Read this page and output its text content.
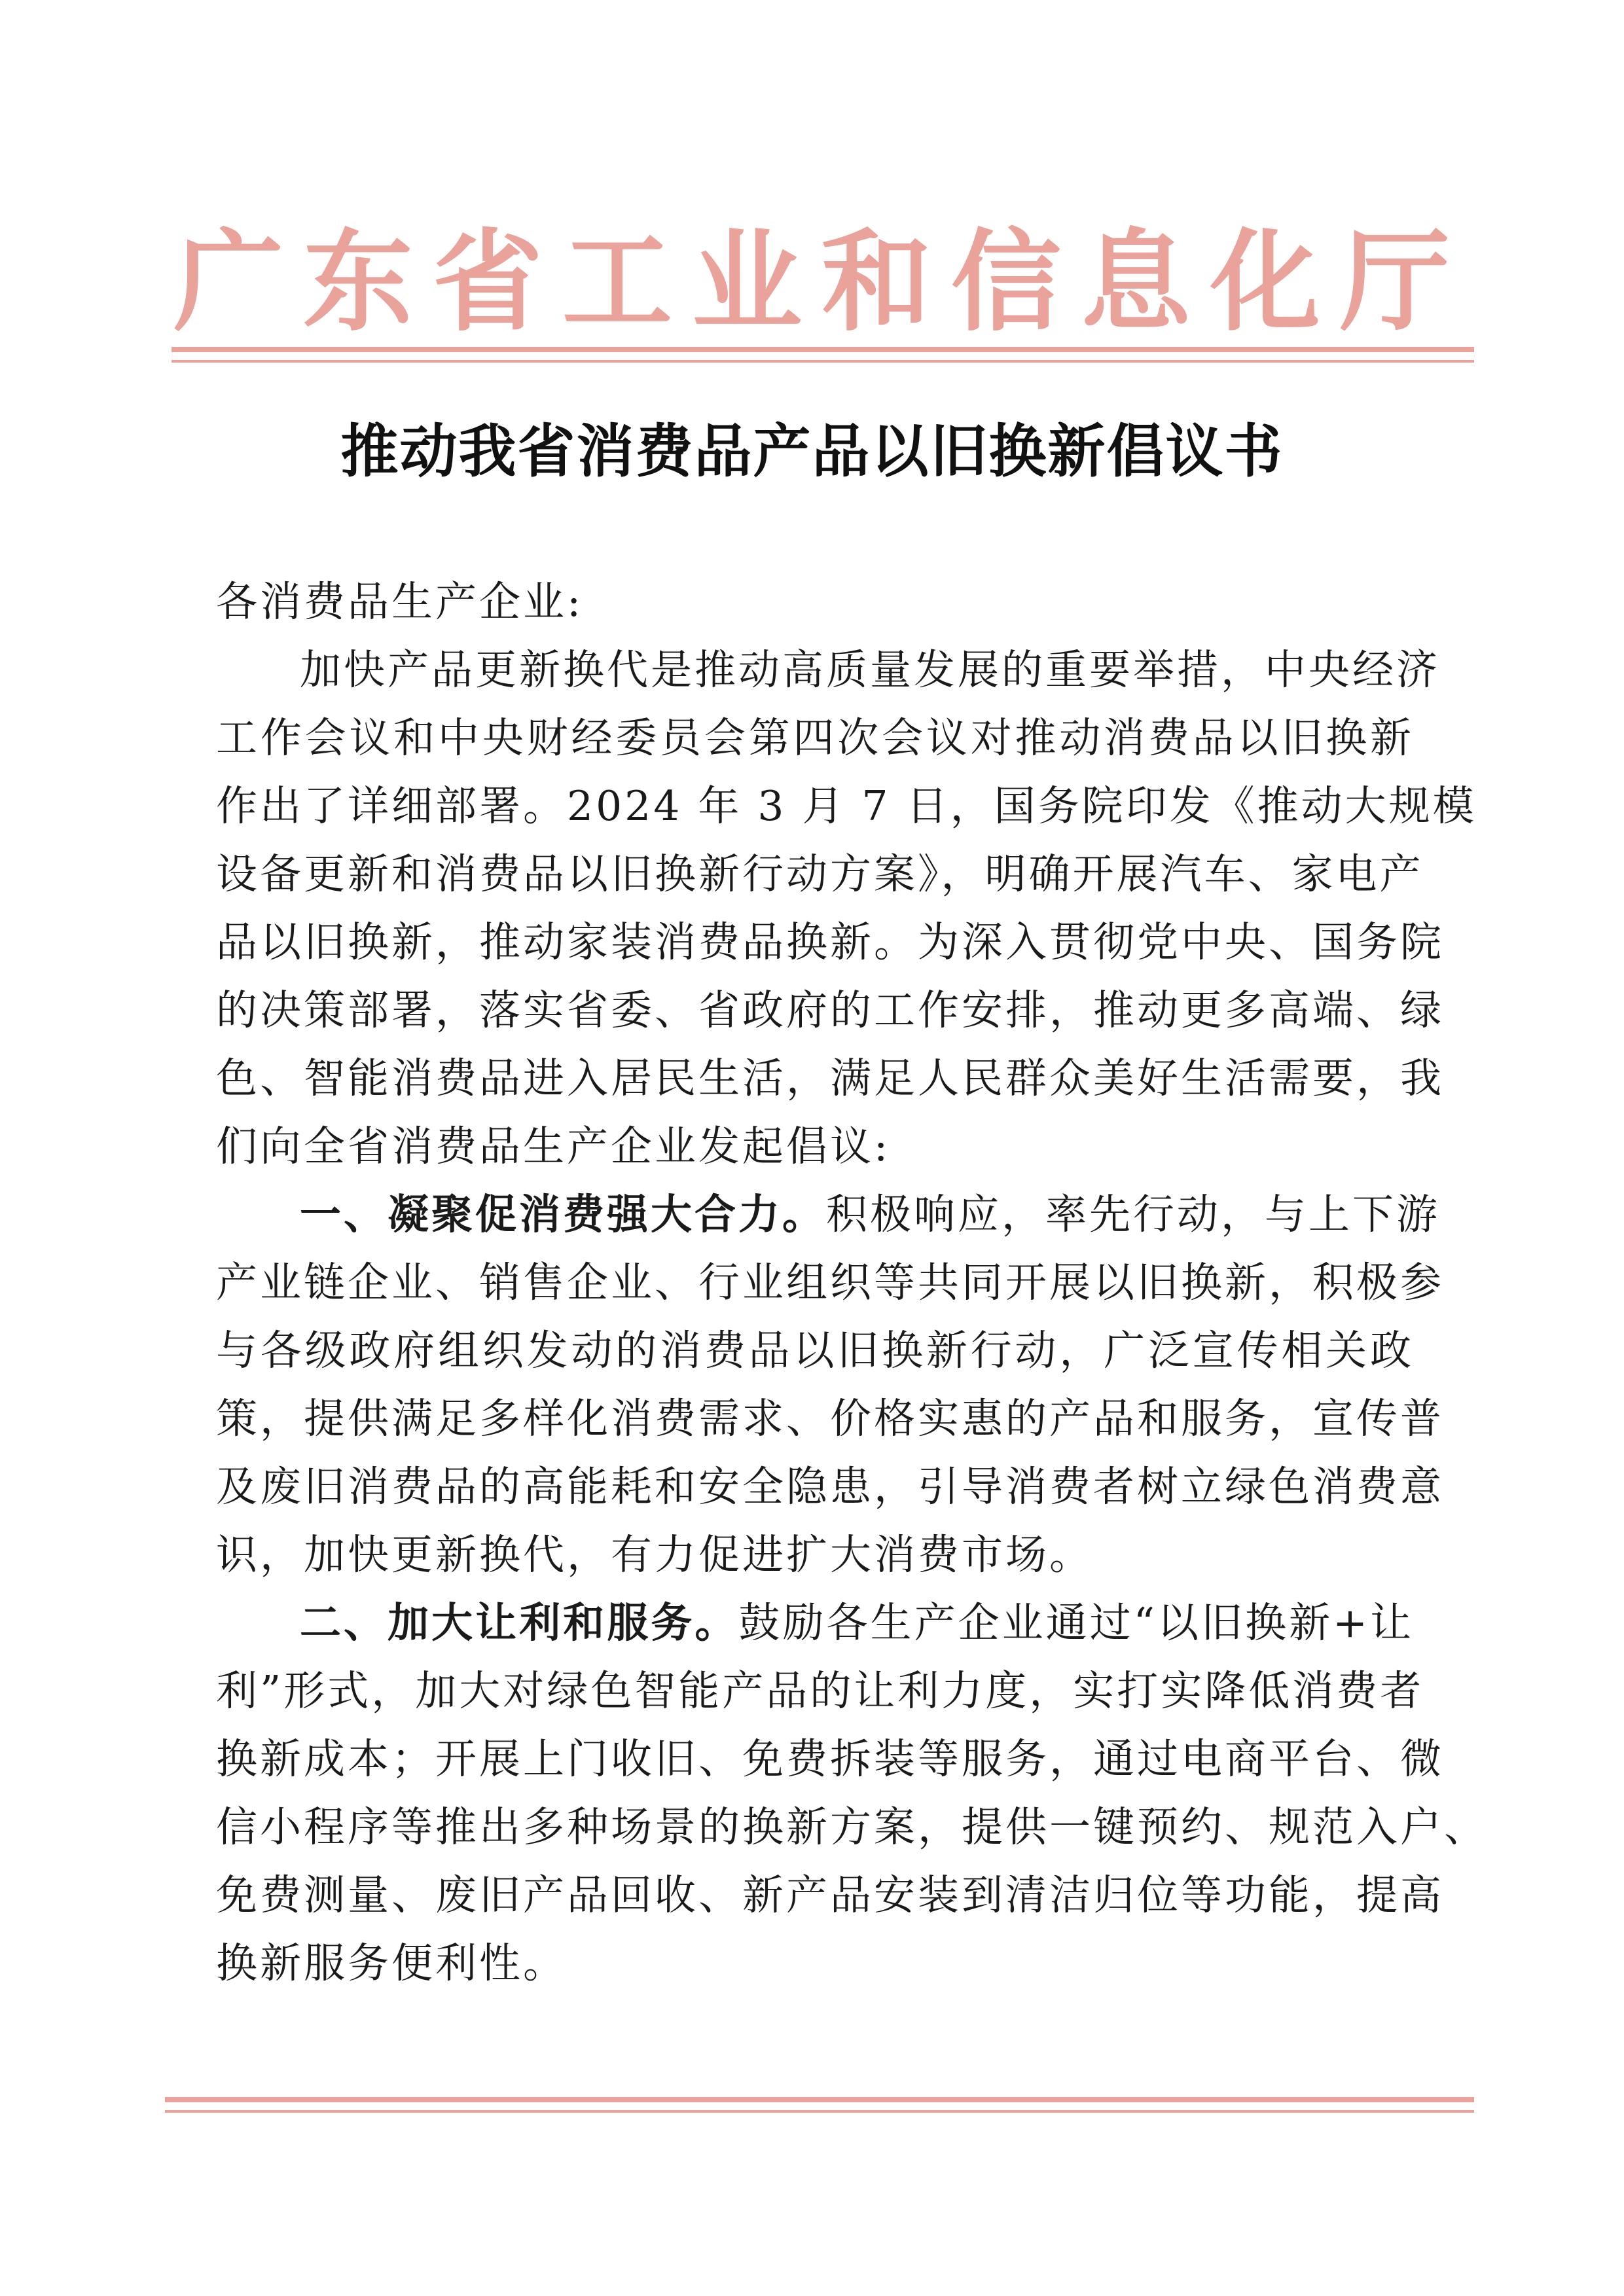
广 东 省 工 业 和 信 息 化 厅
推动我省消费品产品以旧换新倡议书
各消费品生产企业:
加快产品更新换代是推动高质量发展的重要举措，中央经济
工作会议和中央财经委员会第四次会议对推动消费品以旧换新
作出了详细部署。2024 年 3 月 7 日，国务院印发《推动大规模
设备更新和消费品以旧换新行动方案》，明确开展汽车、家电产
品以旧换新，推动家装消费品换新。为深入贯彻党中央、国务院
的决策部署，落实省委、省政府的工作安排，推动更多高端、绿
色、智能消费品进入居民生活，满足人民群众美好生活需要，我
们向全省消费品生产企业发起倡议:
一、凝聚促消费强大合力。积极响应，率先行动，与上下游
产业链企业、销售企业、行业组织等共同开展以旧换新，积极参
与各级政府组织发动的消费品以旧换新行动，广泛宣传相关政
策，提供满足多样化消费需求、价格实惠的产品和服务，宣传普
及废旧消费品的高能耗和安全隐患，引导消费者树立绿色消费意
识，加快更新换代，有力促进扩大消费市场。
二、加大让利和服务。鼓励各生产企业通过“以旧换新+让
利”形式，加大对绿色智能产品的让利力度，实打实降低消费者
换新成本；开展上门收旧、免费拆装等服务，通过电商平台、微
信小程序等推出多种场景的换新方案，提供一键预约、规范入户、
免费测量、废旧产品回收、新产品安装到清洁归位等功能，提高
换新服务便利性。
